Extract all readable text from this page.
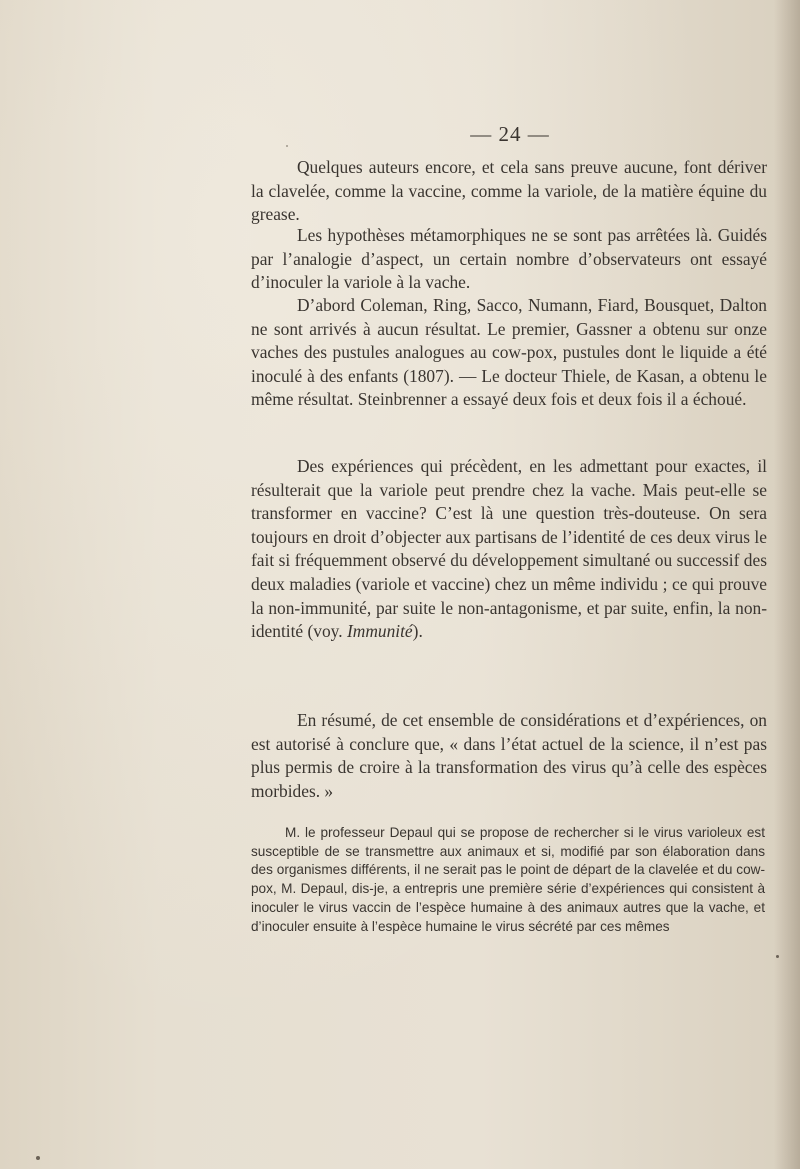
— 24 —

Quelques auteurs encore, et cela sans preuve aucune, font dériver la clavelée, comme la vaccine, comme la variole, de la matière équine du grease.

Les hypothèses métamorphiques ne se sont pas arrêtées là. Guidés par l’analogie d’aspect, un certain nombre d’observateurs ont essayé d’inoculer la variole à la vache.

D’abord Coleman, Ring, Sacco, Numann, Fiard, Bousquet, Dalton ne sont arrivés à aucun résultat. Le premier, Gassner a obtenu sur onze vaches des pustules analogues au cow-pox, pustules dont le liquide a été inoculé à des enfants (1807). — Le docteur Thiele, de Kasan, a obtenu le même résultat. Steinbrenner a essayé deux fois et deux fois il a échoué.

Des expériences qui précèdent, en les admettant pour exactes, il résulterait que la variole peut prendre chez la vache. Mais peut-elle se transformer en vaccine? C’est là une question très-douteuse. On sera toujours en droit d’objecter aux partisans de l’identité de ces deux virus le fait si fréquemment observé du développement simultané ou successif des deux maladies (variole et vaccine) chez un même individu ; ce qui prouve la non-immunité, par suite le non-antagonisme, et par suite, enfin, la non-identité (voy. Immunité).

En résumé, de cet ensemble de considérations et d’expériences, on est autorisé à conclure que, « dans l’état actuel de la science, il n’est pas plus permis de croire à la transformation des virus qu’à celle des espèces morbides. »

M. le professeur Depaul qui se propose de rechercher si le virus varioleux est susceptible de se transmettre aux animaux et si, modifié par son élaboration dans des organismes différents, il ne serait pas le point de départ de la clavelée et du cow-pox, M. Depaul, dis-je, a entrepris une première série d’expériences qui consistent à inoculer le virus vaccin de l’espèce humaine à des animaux autres que la vache, et d’inoculer ensuite à l’espèce humaine le virus sécrété par ces mêmes
